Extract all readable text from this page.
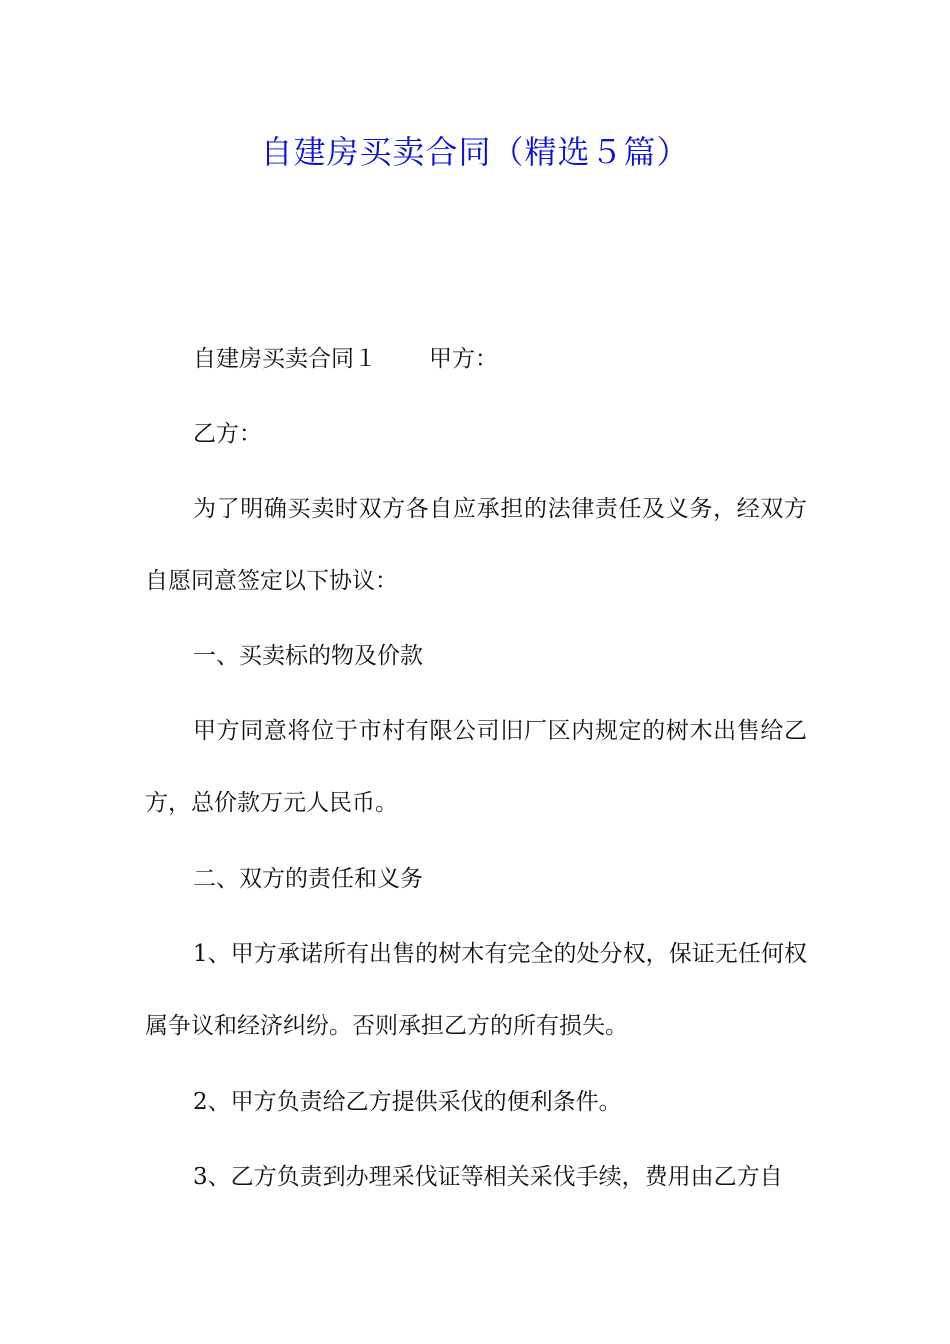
自建房买卖合同（精选５篇）

自建房买卖合同１ 甲方：

乙方：

为了明确买卖时双方各自应承担的法律责任及义务，经双方自愿同意签定以下协议：

一、买卖标的物及价款

甲方同意将位于市村有限公司旧厂区内规定的树木出售给乙方，总价款万元人民币。

二、双方的责任和义务

1、甲方承诺所有出售的树木有完全的处分权，保证无任何权属争议和经济纠纷。否则承担乙方的所有损失。

2、甲方负责给乙方提供采伐的便利条件。

3、乙方负责到办理采伐证等相关采伐手续，费用由乙方自
